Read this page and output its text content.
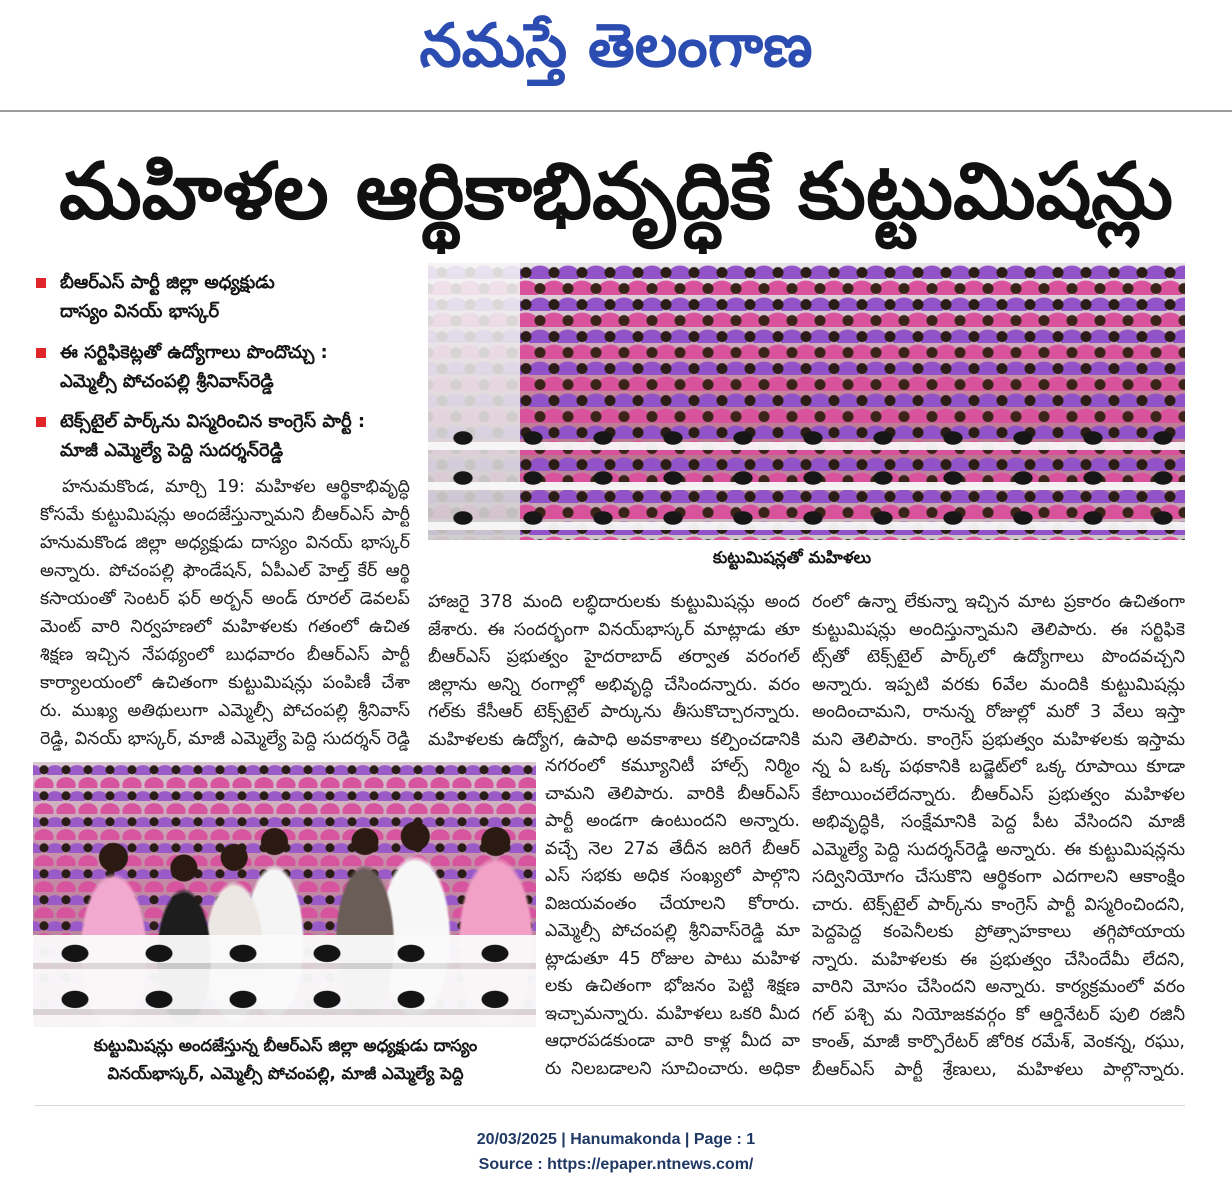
నమస్తే తెలంగాణ
మహిళల ఆర్థికాభివృద్ధికే కుట్టుమిషన్లు
బీఆర్‌ఎస్ పార్టీ జిల్లా అధ్యక్షుడు
దాస్యం వినయ్ భాస్కర్
ఈ సర్టిఫికెట్లతో ఉద్యోగాలు పొందొచ్చు :
ఎమ్మెల్సీ పోచంపల్లి శ్రీనివాస్‌రెడ్డి
టెక్స్‌టైల్ పార్క్‌ను విస్మరించిన కాంగ్రెస్ పార్టీ :
మాజీ ఎమ్మెల్యే పెద్ది సుదర్శన్‌రెడ్డి
కుట్టుమిషన్లతో మహిళలు
హనుమకొండ, మార్చి 19: మహిళల ఆర్థికాభివృద్ధి
కోసమే కుట్టుమిషన్లు అందజేస్తున్నామని బీఆర్‌ఎస్ పార్టీ
హనుమకొండ జిల్లా అధ్యక్షుడు దాస్యం వినయ్ భాస్కర్
అన్నారు. పోచంపల్లి ఫౌండేషన్, ఏపీఎల్ హెల్త్ కేర్ ఆర్థి
కసాయంతో సెంటర్ ఫర్ అర్బన్ అండ్ రూరల్ డెవలప్
మెంట్ వారి నిర్వహణలో మహిళలకు గతంలో ఉచిత
శిక్షణ ఇచ్చిన నేపథ్యంలో బుధవారం బీఆర్‌ఎస్ పార్టీ
కార్యాలయంలో ఉచితంగా కుట్టుమిషన్లు పంపిణీ చేశా
రు. ముఖ్య అతిథులుగా ఎమ్మెల్సీ పోచంపల్లి శ్రీనివాస్
రెడ్డి, వినయ్ భాస్కర్, మాజీ ఎమ్మెల్యే పెద్ది సుదర్శన్ రెడ్డి
హాజరై 378 మంది లబ్ధిదారులకు కుట్టుమిషన్లు అంద
జేశారు. ఈ సందర్భంగా వినయ్‌భాస్కర్ మాట్లాడు తూ
బీఆర్‌ఎస్ ప్రభుత్వం హైదరాబాద్ తర్వాత వరంగల్
జిల్లాను అన్ని రంగాల్లో అభివృద్ధి చేసిందన్నారు. వరం
గల్‌కు కేసీఆర్ టెక్స్‌టైల్ పార్కును తీసుకొచ్చారన్నారు.
మహిళలకు ఉద్యోగ, ఉపాధి అవకాశాలు కల్పించడానికి
నగరంలో కమ్యూనిటీ హాల్స్ నిర్మిం
చామని తెలిపారు. వారికి బీఆర్‌ఎస్
పార్టీ అండగా ఉంటుందని అన్నారు.
వచ్చే నెల 27వ తేదీన జరిగే బీఆర్
ఎస్ సభకు అధిక సంఖ్యలో పాల్గొని
విజయవంతం చేయాలని కోరారు.
ఎమ్మెల్సీ పోచంపల్లి శ్రీనివాస్‌రెడ్డి మా
ట్లాడుతూ 45 రోజుల పాటు మహిళ
లకు ఉచితంగా భోజనం పెట్టి శిక్షణ
ఇచ్చామన్నారు. మహిళలు ఒకరి మీద
ఆధారపడకుండా వారి కాళ్ల మీద వా
రు నిలబడాలని సూచించారు. అధికా
రంలో ఉన్నా లేకున్నా ఇచ్చిన మాట ప్రకారం ఉచితంగా
కుట్టుమిషన్లు అందిస్తున్నామని తెలిపారు. ఈ సర్టిఫికె
ట్స్‌తో టెక్స్‌టైల్ పార్క్‌లో ఉద్యోగాలు పొందవచ్చని
అన్నారు. ఇప్పటి వరకు 6వేల మందికి కుట్టుమిషన్లు
అందించామని, రానున్న రోజుల్లో మరో 3 వేలు ఇస్తా
మని తెలిపారు. కాంగ్రెస్ ప్రభుత్వం మహిళలకు ఇస్తామ
న్న ఏ ఒక్క పథకానికి బడ్జెట్‌లో ఒక్క రూపాయి కూడా
కేటాయించలేదన్నారు. బీఆర్‌ఎస్ ప్రభుత్వం మహిళల
అభివృద్ధికి, సంక్షేమానికి పెద్ద పీట వేసిందని మాజీ
ఎమ్మెల్యే పెద్ది సుదర్శన్‌రెడ్డి అన్నారు. ఈ కుట్టుమిషన్లను
సద్వినియోగం చేసుకొని ఆర్థికంగా ఎదగాలని ఆకాంక్షిం
చారు. టెక్స్‌టైల్ పార్క్‌ను కాంగ్రెస్ పార్టీ విస్మరించిందని,
పెద్దపెద్ద కంపెనీలకు ప్రోత్సాహకాలు తగ్గిపోయాయ
న్నారు. మహిళలకు ఈ ప్రభుత్వం చేసిందేమీ లేదని,
వారిని మోసం చేసిందని అన్నారు. కార్యక్రమంలో వరం
గల్ పశ్చి మ నియోజకవర్గం కో ఆర్డినేటర్ పులి రజినీ
కాంత్, మాజీ కార్పొరేటర్ జోరిక రమేశ్, వెంకన్న, రఘు,
బీఆర్‌ఎస్ పార్టీ శ్రేణులు, మహిళలు పాల్గొన్నారు.
కుట్టుమిషన్లు అందజేస్తున్న బీఆర్‌ఎస్ జిల్లా అధ్యక్షుడు దాస్యం
వినయ్‌భాస్కర్, ఎమ్మెల్సీ పోచంపల్లి, మాజీ ఎమ్మెల్యే పెద్ది
20/03/2025 | Hanumakonda | Page : 1
Source : https://epaper.ntnews.com/
